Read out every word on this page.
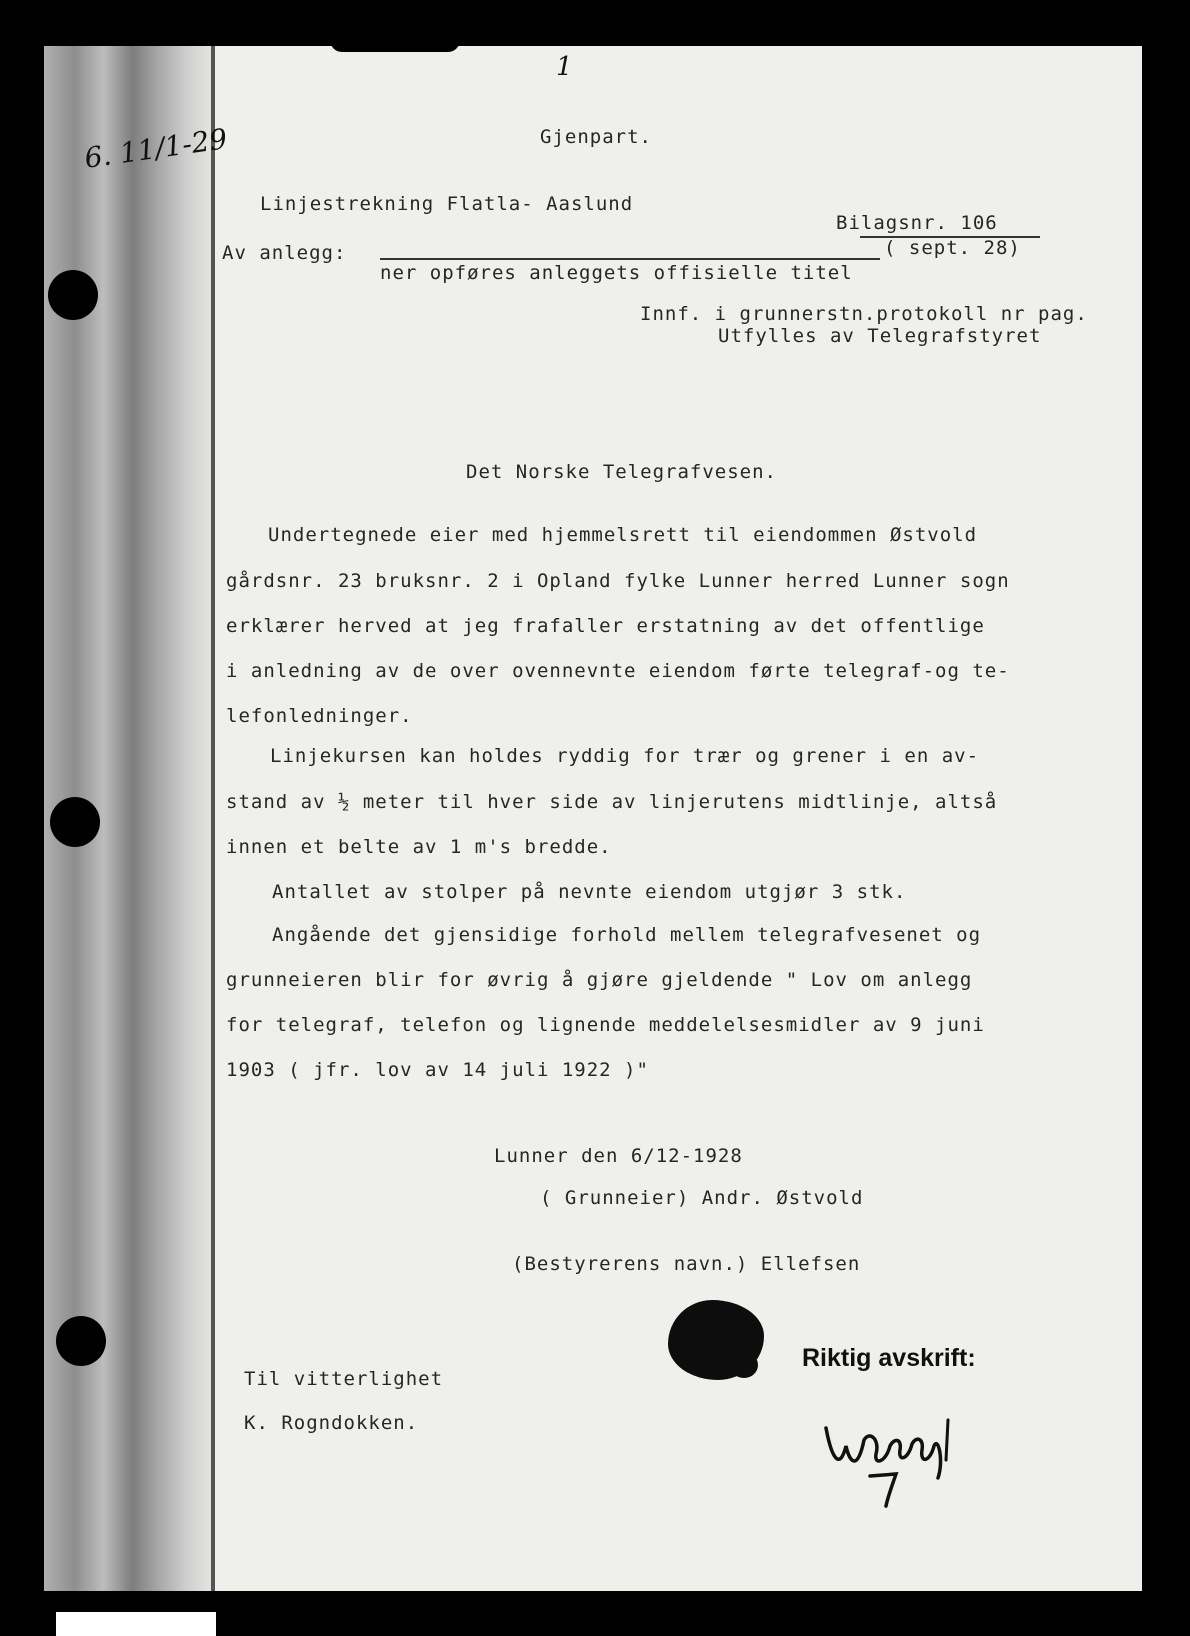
6. 11/1-29
1
Gjenpart.
Linjestrekning Flatla- Aaslund
Bilagsnr. 106
( sept. 28)
Av anlegg:
ner opføres anleggets offisielle titel
Innf. i grunnerstn.protokoll nr pag.
Utfylles av Telegrafstyret
Det Norske Telegrafvesen.
Undertegnede eier med hjemmelsrett til eiendommen Østvold
gårdsnr. 23 bruksnr. 2 i Opland fylke Lunner herred Lunner sogn
erklærer herved at jeg frafaller erstatning av det offentlige
i anledning av de over ovennevnte eiendom førte telegraf-og te-
lefonledninger.
Linjekursen kan holdes ryddig for trær og grener i en av-
stand av ½ meter til hver side av linjerutens midtlinje, altså
innen et belte av 1 m's bredde.
Antallet av stolper på nevnte eiendom utgjør 3 stk.
Angående det gjensidige forhold mellem telegrafvesenet og
grunneieren blir for øvrig å gjøre gjeldende " Lov om anlegg
for telegraf, telefon og lignende meddelelsesmidler av 9 juni
1903 ( jfr. lov av 14 juli 1922 )"
Lunner den 6/12-1928
( Grunneier) Andr. Østvold
(Bestyrerens navn.) Ellefsen
Til vitterlighet
K. Rogndokken.
Riktig avskrift:
